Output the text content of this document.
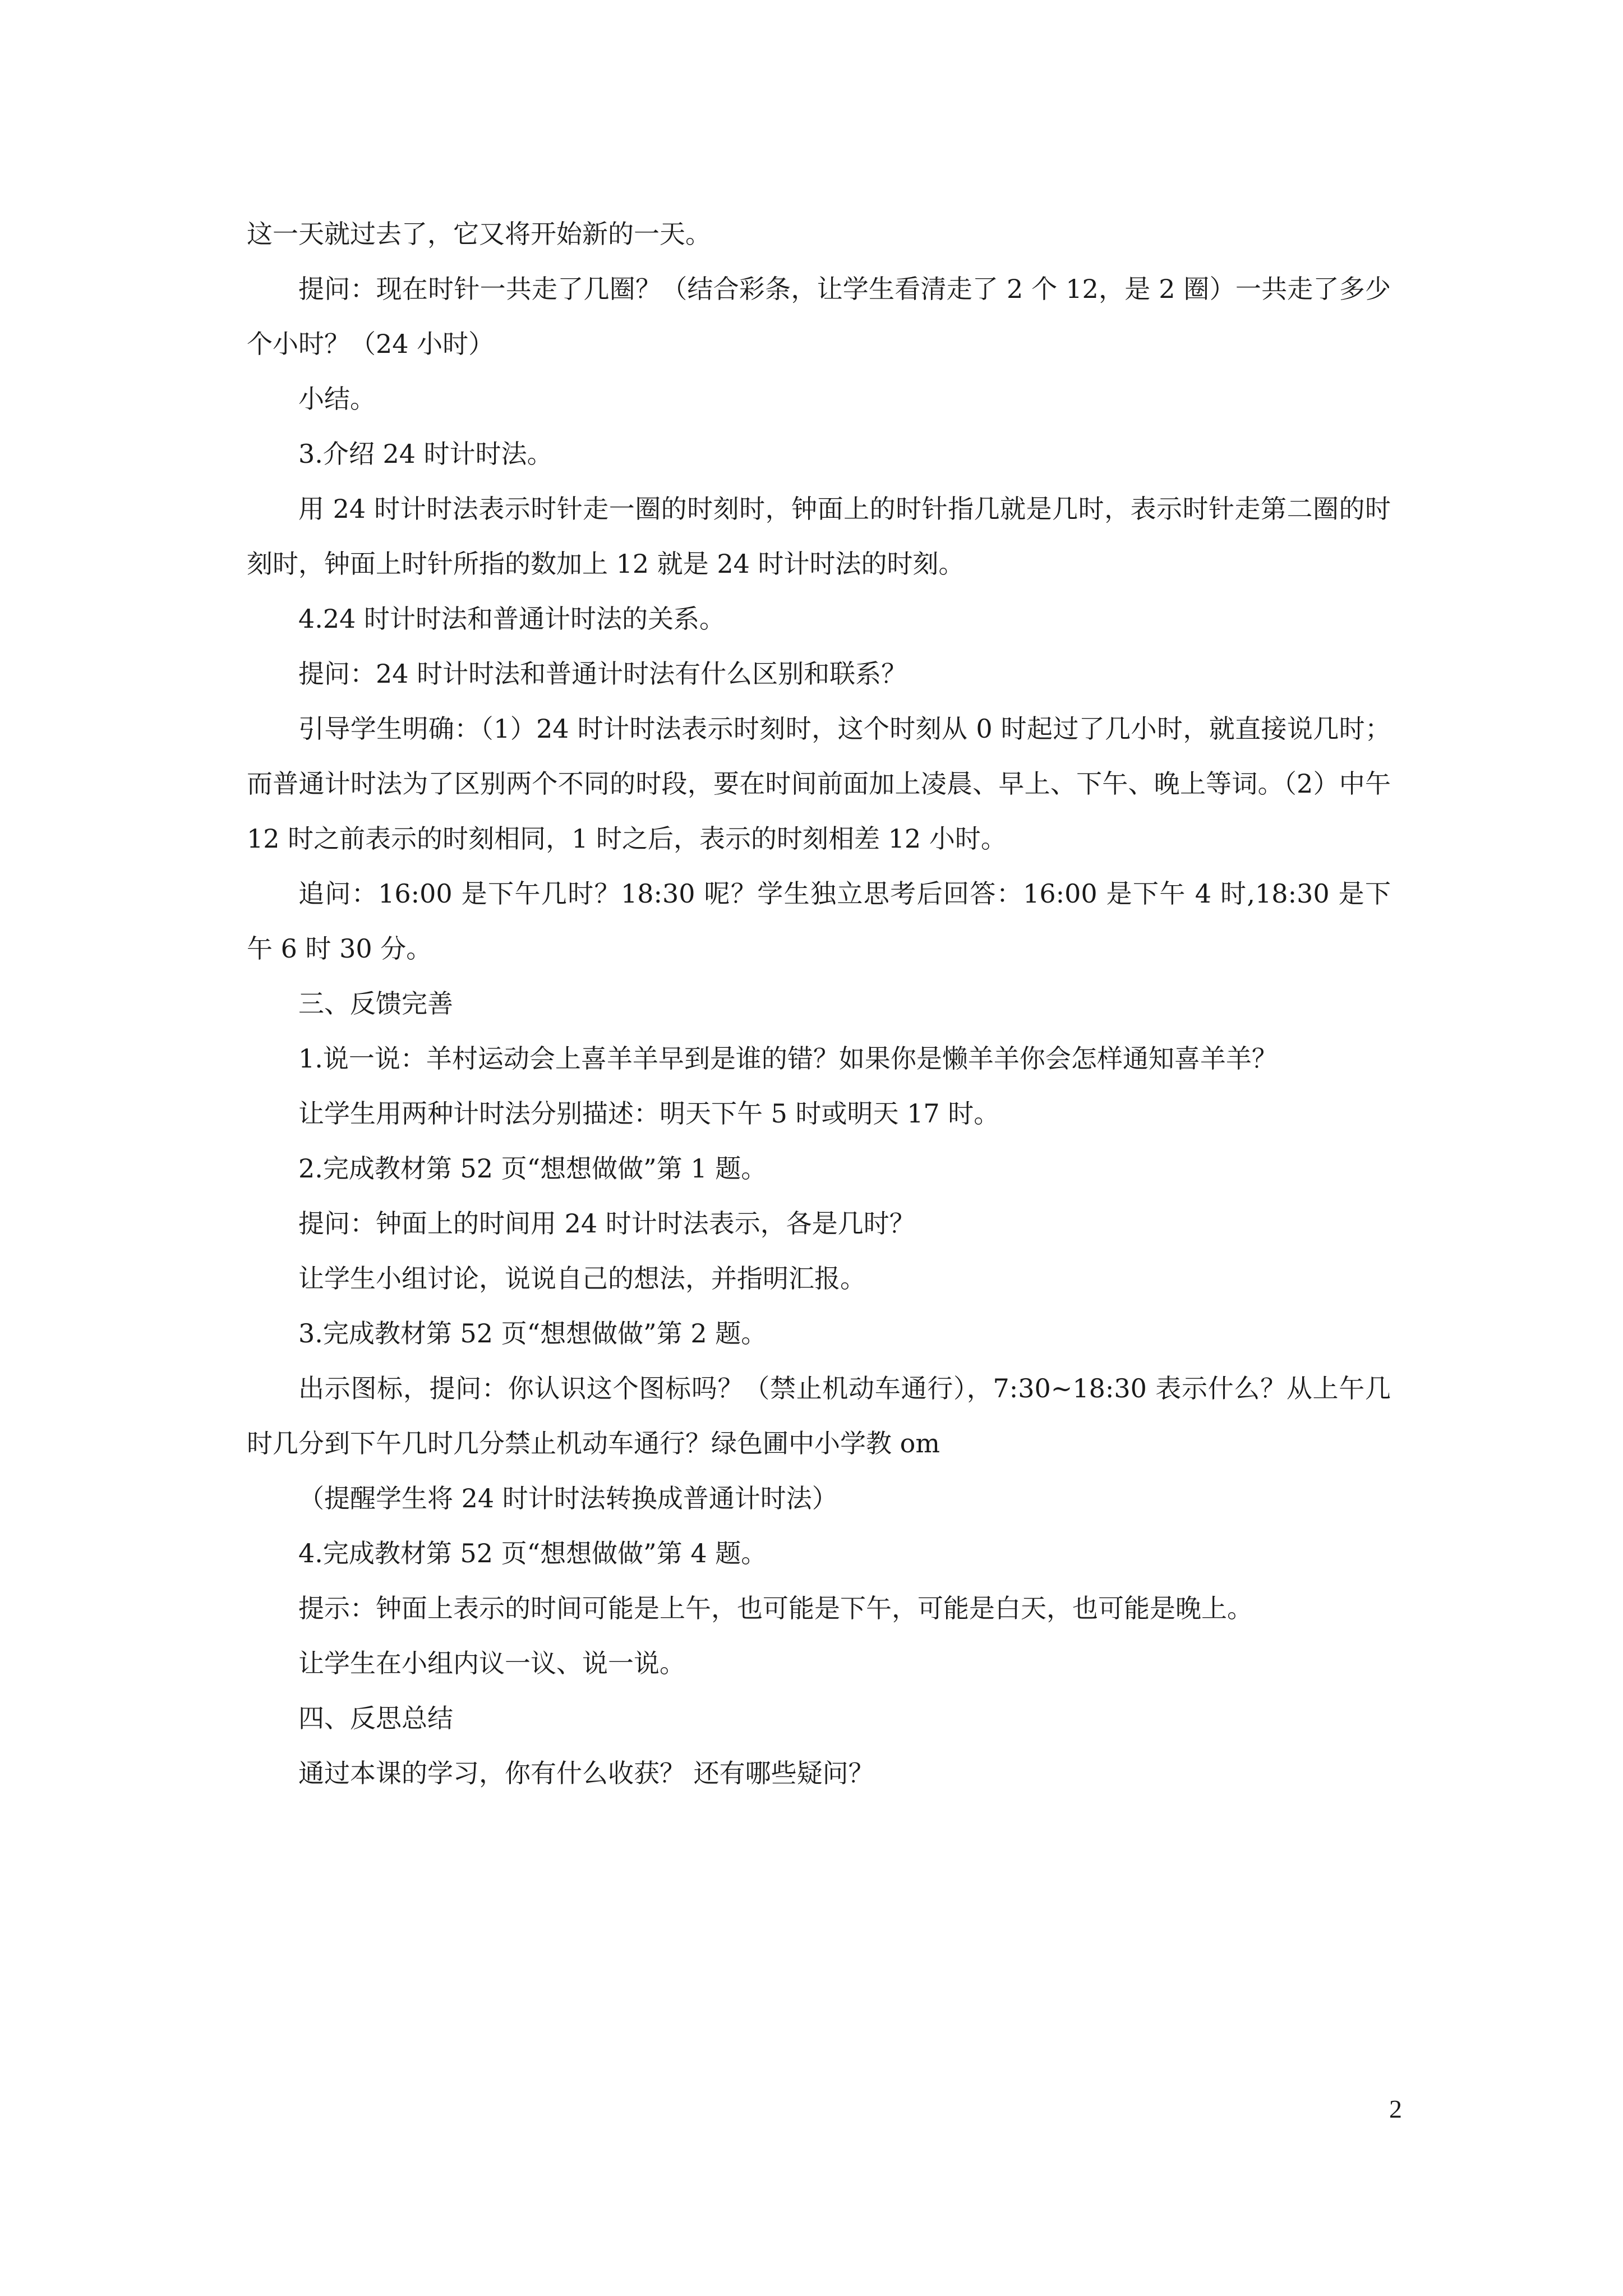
这一天就过去了，它又将开始新的一天。

提问：现在时针一共走了几圈？（结合彩条，让学生看清走了 2 个 12，是 2 圈）一共走了多少个小时？（24 小时）

小结。

3.介绍 24 时计时法。

用 24 时计时法表示时针走一圈的时刻时，钟面上的时针指几就是几时，表示时针走第二圈的时刻时，钟面上时针所指的数加上 12 就是 24 时计时法的时刻。

4.24 时计时法和普通计时法的关系。

提问：24 时计时法和普通计时法有什么区别和联系？

引导学生明确：（1）24 时计时法表示时刻时，这个时刻从 0 时起过了几小时，就直接说几时；而普通计时法为了区别两个不同的时段，要在时间前面加上凌晨、早上、下午、晚上等词。（2）中午 12 时之前表示的时刻相同，1 时之后，表示的时刻相差 12 小时。

追问：16:00 是下午几时？18:30 呢？学生独立思考后回答：16:00 是下午 4 时,18:30 是下午 6 时 30 分。

三、反馈完善

1.说一说：羊村运动会上喜羊羊早到是谁的错？如果你是懒羊羊你会怎样通知喜羊羊？

让学生用两种计时法分别描述：明天下午 5 时或明天 17 时。

2.完成教材第 52 页“想想做做”第 1 题。

提问：钟面上的时间用 24 时计时法表示，各是几时？

让学生小组讨论，说说自己的想法，并指明汇报。

3.完成教材第 52 页“想想做做”第 2 题。

出示图标，提问：你认识这个图标吗？（禁止机动车通行），7:30~18:30 表示什么？从上午几时几分到下午几时几分禁止机动车通行？绿色圃中小学教 om

（提醒学生将 24 时计时法转换成普通计时法）

4.完成教材第 52 页“想想做做”第 4 题。

提示：钟面上表示的时间可能是上午，也可能是下午，可能是白天，也可能是晚上。

让学生在小组内议一议、说一说。

四、反思总结

通过本课的学习，你有什么收获？ 还有哪些疑问？

2
